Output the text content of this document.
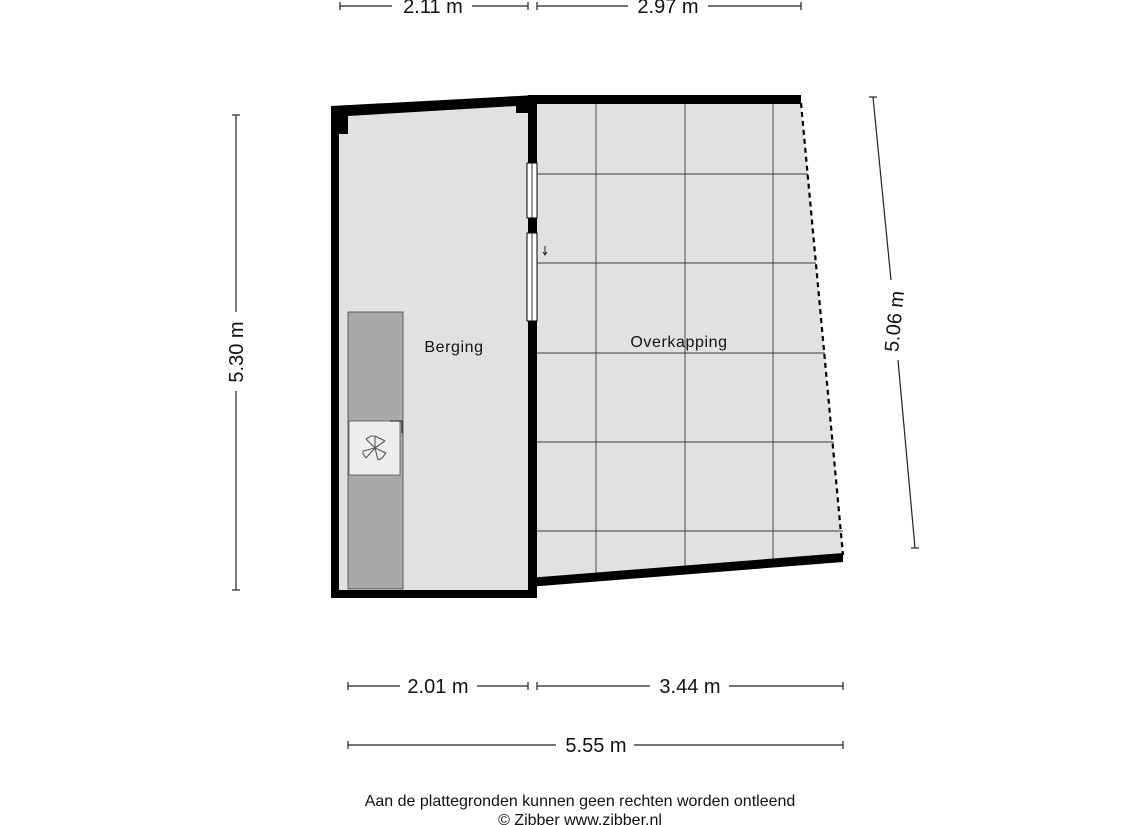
Berging	Overkapping
2.11 m	2.97 m
5.30 m	5.06 m
2.01 m	3.44 m
5.55 m
Aan de plattegronden kunnen geen rechten worden ontleend
© Zibber www.zibber.nl
